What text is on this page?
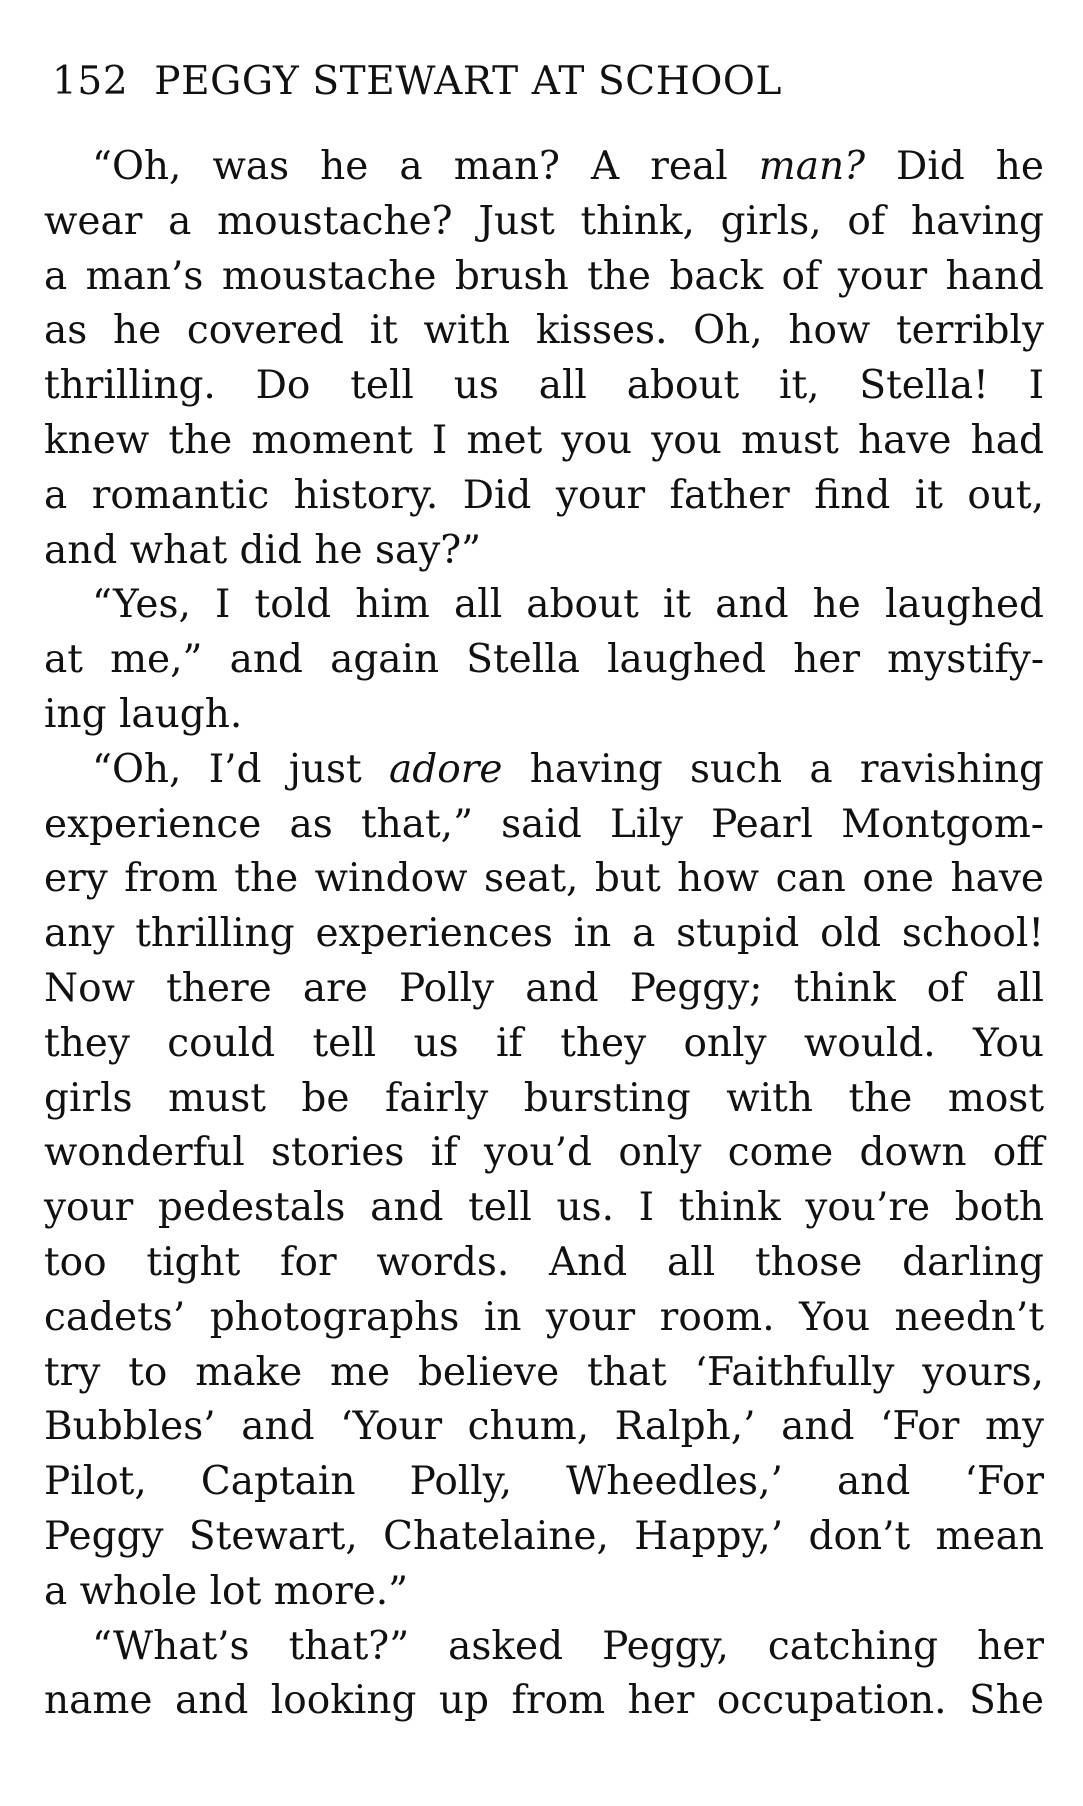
152 PEGGY STEWART AT SCHOOL

“Oh, was he a man? A real man? Did he
wear a moustache? Just think, girls, of having
a man’s moustache brush the back of your hand
as he covered it with kisses. Oh, how terribly
thrilling. Do tell us all about it, Stella! I
knew the moment I met you you must have had
a romantic history. Did your father find it out,
and what did he say?”

“Yes, I told him all about it and he laughed
at me,” and again Stella laughed her mystify-
ing laugh.

“Oh, I’d just adore having such a ravishing
experience as that,” said Lily Pearl Montgom-
ery from the window seat, but how can one have
any thrilling experiences in a stupid old school!
Now there are Polly and Peggy; think of all
they could tell us if they only would. You
girls must be fairly bursting with the most
wonderful stories if you’d only come down off
your pedestals and tell us. I think you’re both
too tight for words. And all those darling
cadets’ photographs in your room. You needn’t
try to make me believe that ‘Faithfully yours,
Bubbles’ and ‘Your chum, Ralph,’ and ‘For my
Pilot, Captain Polly, Wheedles,’ and ‘For
Peggy Stewart, Chatelaine, Happy,’ don’t mean
a whole lot more.”

“What’s that?” asked Peggy, catching her
name and looking up from her occupation. She
